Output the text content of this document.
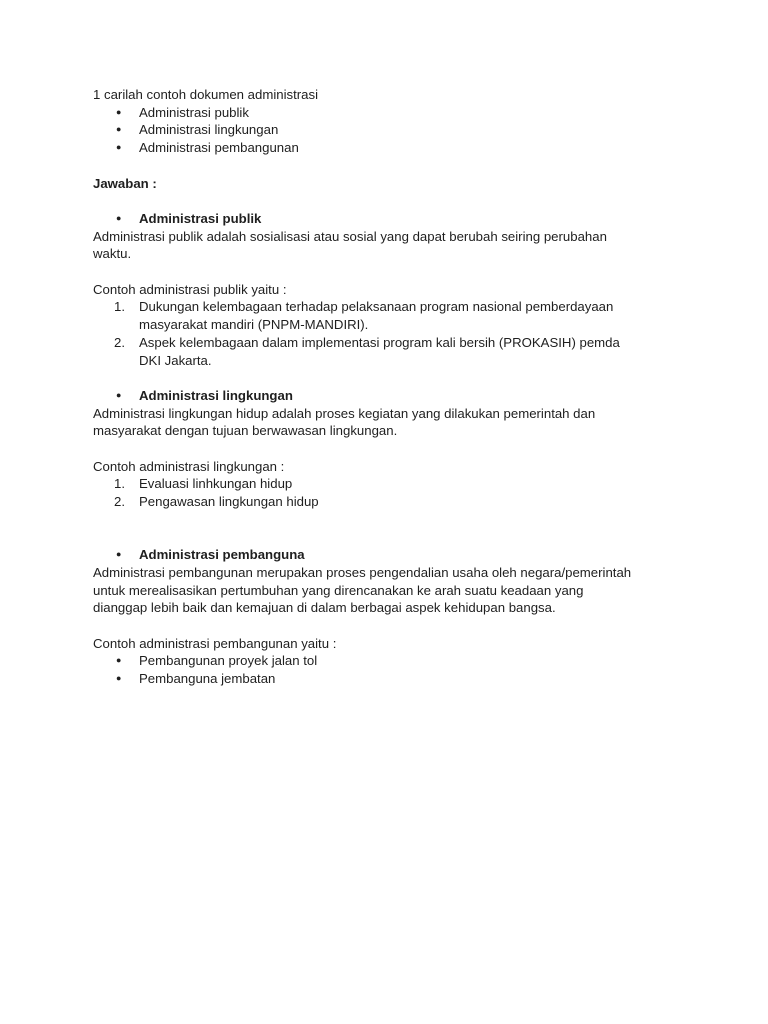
1 carilah contoh dokumen administrasi

●	Administrasi publik
●	Administrasi lingkungan
●	Administrasi pembangunan

Jawaban :

●	Administrasi publik

Administrasi publik adalah sosialisasi atau sosial yang dapat berubah seiring perubahan

waktu.

Contoh administrasi publik yaitu :

1.	Dukungan kelembagaan terhadap pelaksanaan program nasional pemberdayaan
masyarakat mandiri (PNPM-MANDIRI).
2.	Aspek kelembagaan dalam implementasi program kali bersih (PROKASIH) pemda
DKI Jakarta.
●	Administrasi lingkungan

Administrasi lingkungan hidup adalah proses kegiatan yang dilakukan pemerintah dan

masyarakat dengan tujuan berwawasan lingkungan.

Contoh administrasi lingkungan :

1.	Evaluasi linhkungan hidup
2.	Pengawasan lingkungan hidup
●	Administrasi pembanguna

Administrasi pembangunan merupakan proses pengendalian usaha oleh negara/pemerintah

untuk merealisasikan pertumbuhan yang direncanakan ke arah suatu keadaan yang

dianggap lebih baik dan kemajuan di dalam berbagai aspek kehidupan bangsa.

Contoh administrasi pembangunan yaitu :

●	Pembangunan proyek jalan tol
●	Pembanguna jembatan
